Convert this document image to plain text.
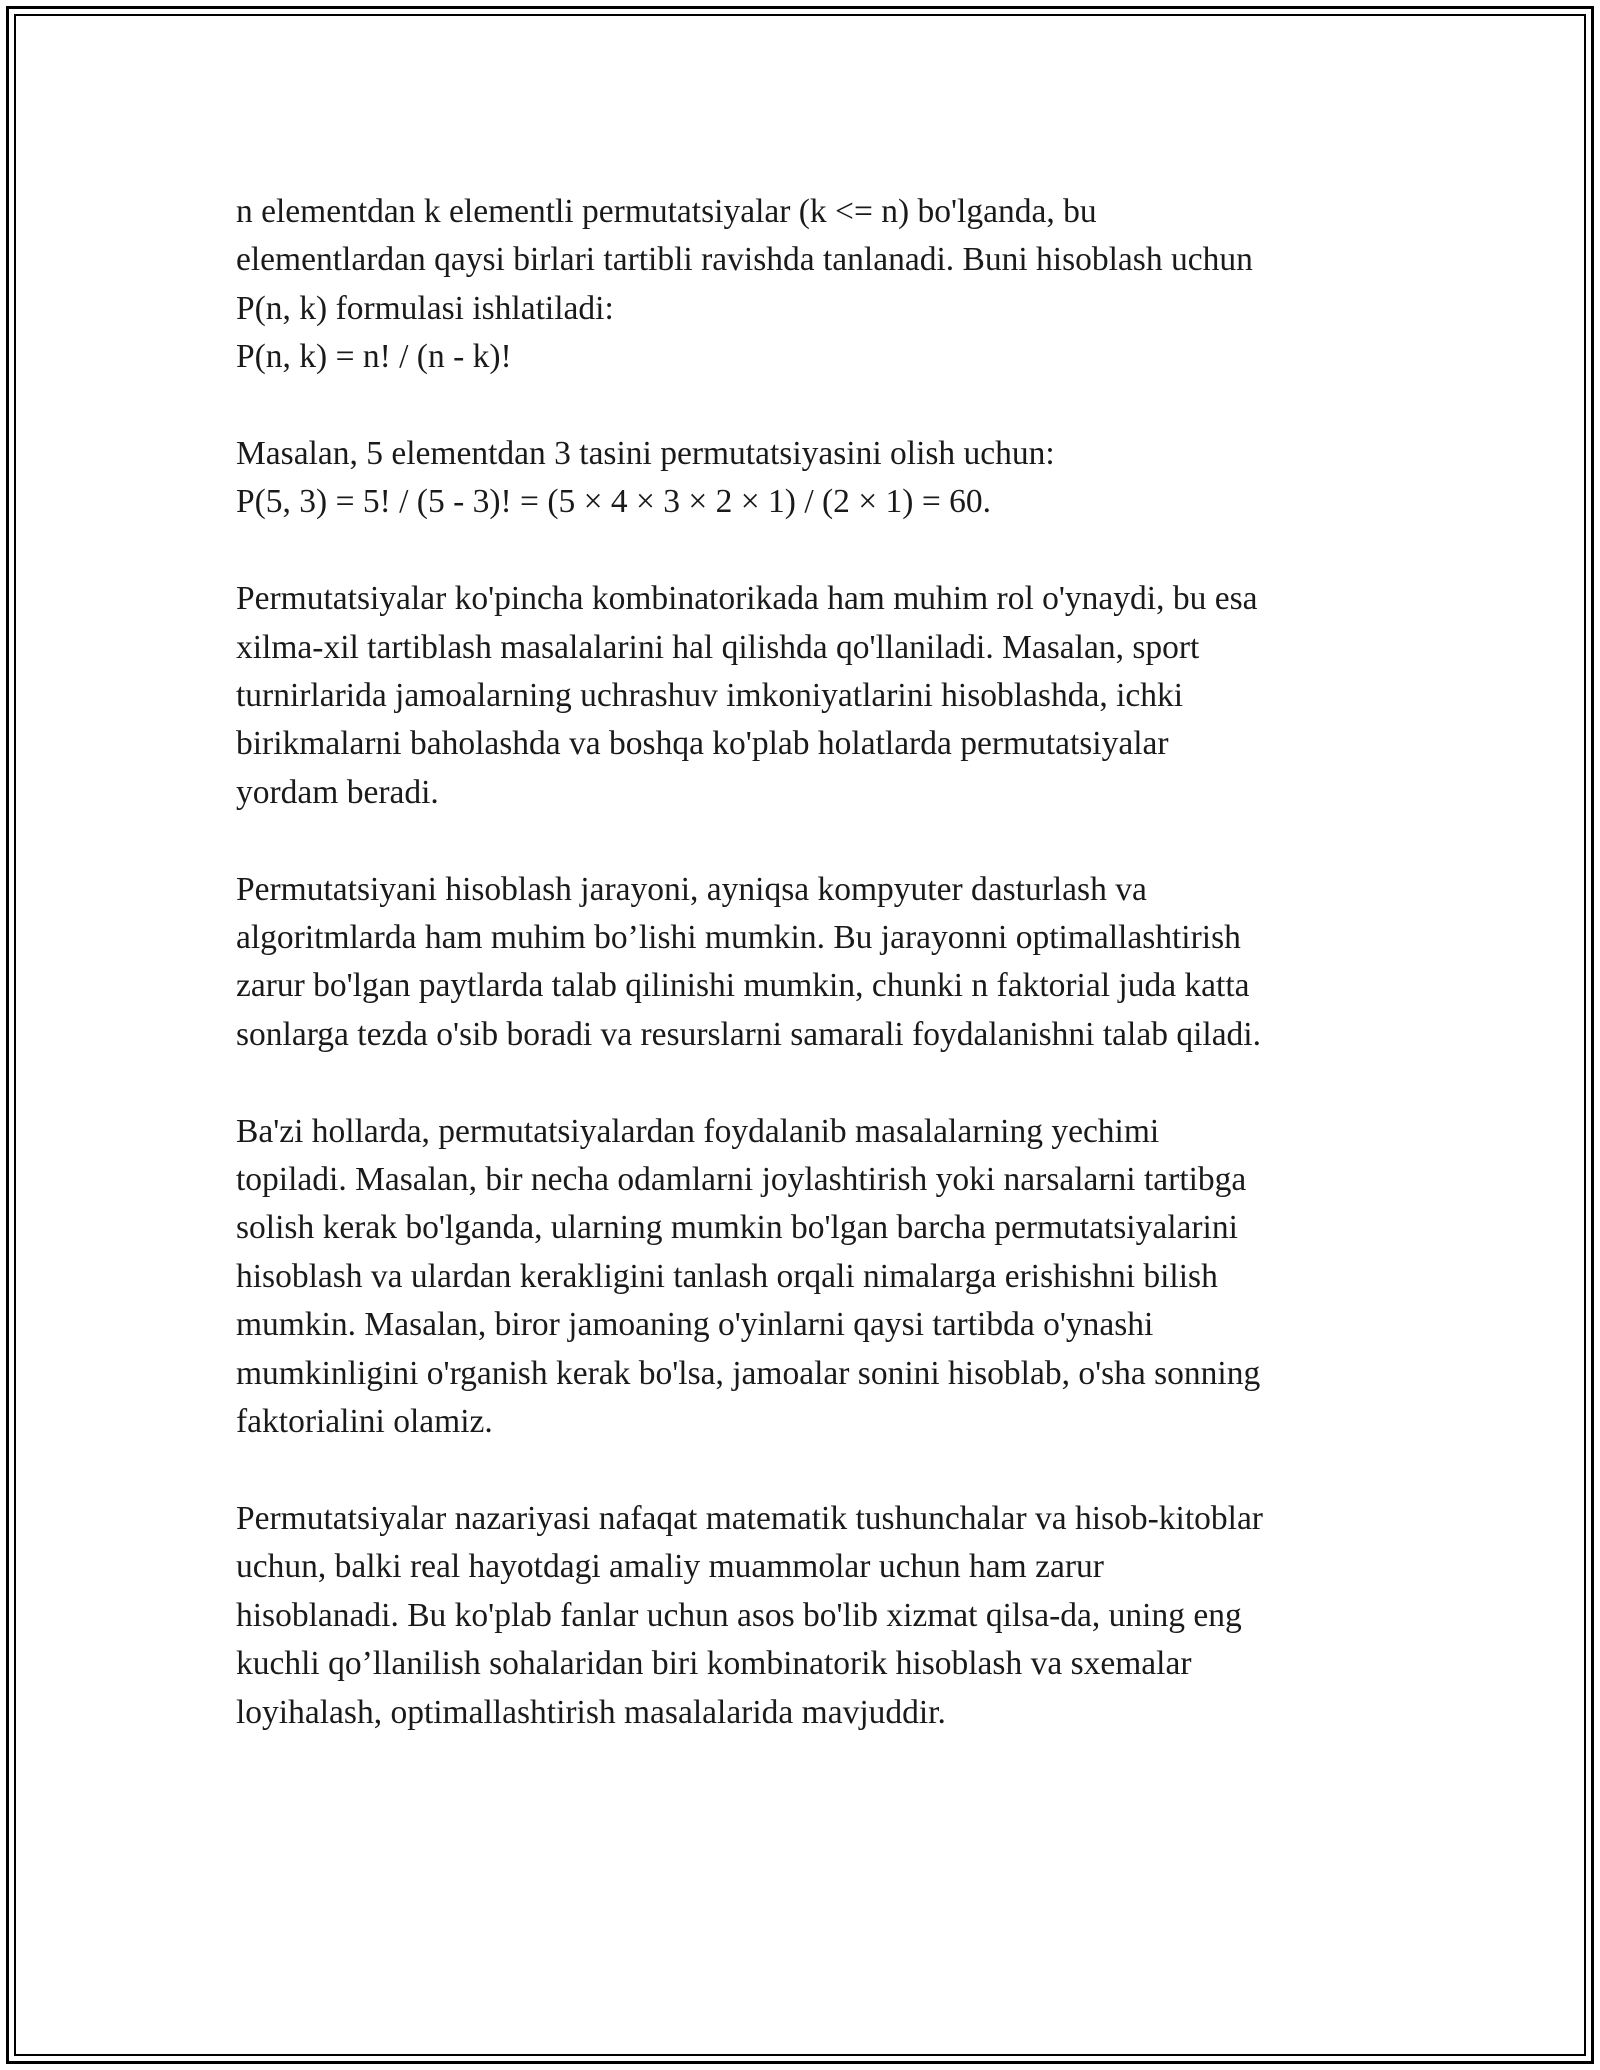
n elementdan k elementli permutatsiyalar (k <= n) bo'lganda, bu
elementlardan qaysi birlari tartibli ravishda tanlanadi. Buni hisoblash uchun
P(n, k) formulasi ishlatiladi:
P(n, k) = n! / (n - k)!

Masalan, 5 elementdan 3 tasini permutatsiyasini olish uchun:
P(5, 3) = 5! / (5 - 3)! = (5 × 4 × 3 × 2 × 1) / (2 × 1) = 60.

Permutatsiyalar ko'pincha kombinatorikada ham muhim rol o'ynaydi, bu esa
xilma-xil tartiblash masalalarini hal qilishda qo'llaniladi. Masalan, sport
turnirlarida jamoalarning uchrashuv imkoniyatlarini hisoblashda, ichki
birikmalarni baholashda va boshqa ko'plab holatlarda permutatsiyalar
yordam beradi.

Permutatsiyani hisoblash jarayoni, ayniqsa kompyuter dasturlash va
algoritmlarda ham muhim bo’lishi mumkin. Bu jarayonni optimallashtirish
zarur bo'lgan paytlarda talab qilinishi mumkin, chunki n faktorial juda katta
sonlarga tezda o'sib boradi va resurslarni samarali foydalanishni talab qiladi.

Ba'zi hollarda, permutatsiyalardan foydalanib masalalarning yechimi
topiladi. Masalan, bir necha odamlarni joylashtirish yoki narsalarni tartibga
solish kerak bo'lganda, ularning mumkin bo'lgan barcha permutatsiyalarini
hisoblash va ulardan kerakligini tanlash orqali nimalarga erishishni bilish
mumkin. Masalan, biror jamoaning o'yinlarni qaysi tartibda o'ynashi
mumkinligini o'rganish kerak bo'lsa, jamoalar sonini hisoblab, o'sha sonning
faktorialini olamiz.

Permutatsiyalar nazariyasi nafaqat matematik tushunchalar va hisob-kitoblar
uchun, balki real hayotdagi amaliy muammolar uchun ham zarur
hisoblanadi. Bu ko'plab fanlar uchun asos bo'lib xizmat qilsa-da, uning eng
kuchli qo’llanilish sohalaridan biri kombinatorik hisoblash va sxemalar
loyihalash, optimallashtirish masalalarida mavjuddir.
